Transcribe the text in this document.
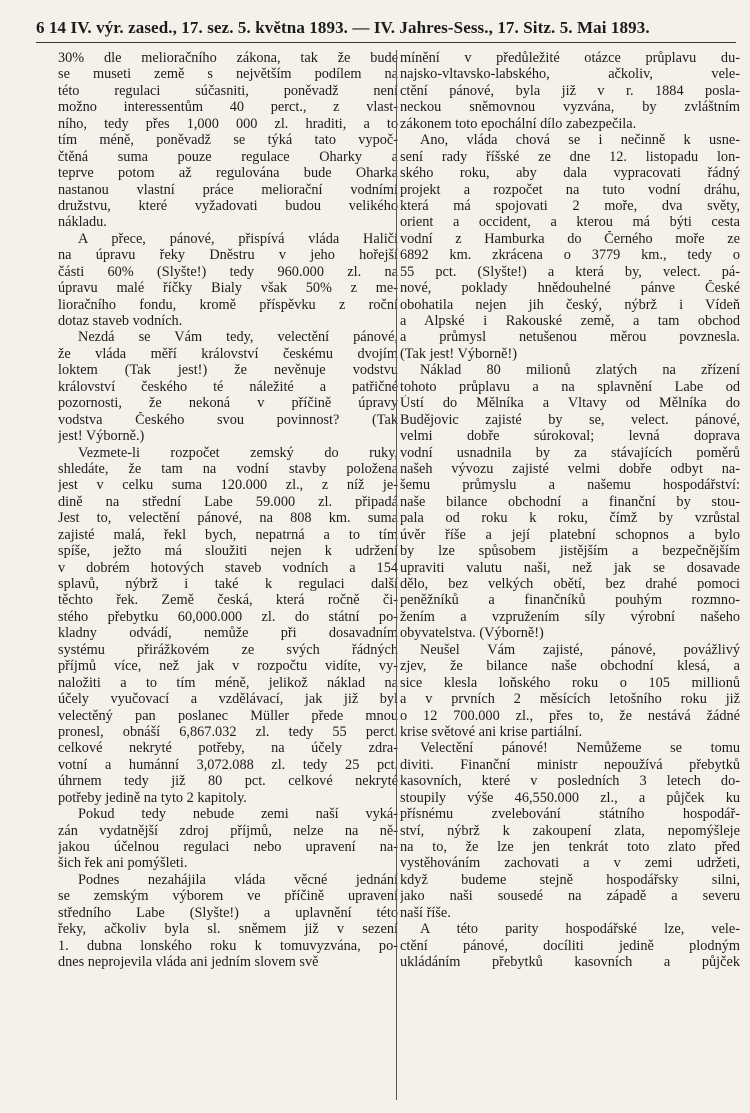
6 14 IV. výr. zased., 17. sez. 5. května 1893. — IV. Jahres-Sess., 17. Sitz. 5. Mai 1893.
30% dle melioračního zákona, tak že bude
se museti země s největším podílem na
této regulaci súčasniti, poněvadž není
možno interessentům 40 perct., z vlast-
ního, tedy přes 1,000 000 zl. hraditi, a to
tím méně, poněvadž se týká tato vypoč-
čtěná suma pouze regulace Oharky a
teprve potom až regulována bude Oharka
nastanou vlastní práce meliorační vodními
družstvu, které vyžadovati budou velikého
nákladu.
A přece, pánové, přispívá vláda Haliči
na úpravu řeky Dněstru v jeho hořejší
části 60% (Slyšte!) tedy 960.000 zl. na
úpravu malé říčky Bialy však 50% z me-
lioračního fondu, kromě příspěvku z roční
dotaz staveb vodních.
Nezdá se Vám tedy, velectění pánové,
že vláda měří království českému dvojím
loktem (Tak jest!) že nevěnuje vodstvu
království českého té náležité a patřičné
pozornosti, že nekoná v příčině úpravy
vodstva Českého svou povinnost? (Tak
jest! Výborně.)
Vezmete-li rozpočet zemský do ruky,
shledáte, že tam na vodní stavby položena
jest v celku suma 120.000 zl., z níž je-
dině na střední Labe 59.000 zl. připadá
Jest to, velectění pánové, na 808 km. suma
zajisté malá, řekl bych, nepatrná a to tím
spíše, ježto má sloužiti nejen k udržení
v dobrém hotových staveb vodních a 154
splavů, nýbrž i také k regulaci další
těchto řek. Země česká, která ročně či-
stého přebytku 60,000.000 zl. do státní po-
kladny odvádí, nemůže při dosavadním
systému přirážkovém ze svých řádných
příjmů více, než jak v rozpočtu vidíte, vy-
naložiti a to tím méně, jelikož náklad na
účely vyučovací a vzdělávací, jak již byl
velectěný pan poslanec Müller přede mnou
pronesl, obnáší 6,867.032 zl. tedy 55 perct.
celkové nekryté potřeby, na účely zdra-
votní a humánní 3,072.088 zl. tedy 25 pct.
úhrnem tedy již 80 pct. celkové nekryté
potřeby jedině na tyto 2 kapitoly.
Pokud tedy nebude zemi naší vyká-
zán vydatnější zdroj příjmů, nelze na ně-
jakou účelnou regulaci nebo upravení na-
šich řek ani pomýšleti.
Podnes nezahájila vláda věcné jednání
se zemským výborem ve příčině upravení
středního Labe (Slyšte!) a uplavnění této
řeky, ačkoliv byla sl. sněmem již v sezení
1. dubna lonského roku k tomuvyzvána, po-
dnes neprojevila vláda ani jedním slovem svě
mínění v předůležité otázce průplavu du-
najsko-vltavsko-labského, ačkoliv, vele-
ctění pánové, byla již v r. 1884 posla-
neckou sněmovnou vyzvána, by zvláštním
zákonem toto epochální dílo zabezpečila.
Ano, vláda chová se i nečinně k usne-
sení rady říšské ze dne 12. listopadu lon-
ského roku, aby dala vypracovati řádný
projekt a rozpočet na tuto vodní dráhu,
která má spojovati 2 moře, dva světy,
orient a occident, a kterou má býti cesta
vodní z Hamburka do Černého moře ze
6892 km. zkrácena o 3779 km., tedy o
55 pct. (Slyšte!) a která by, velect. pá-
nové, poklady hnědouhelné pánve České
obohatila nejen jih český, nýbrž i Vídeň
a Alpské i Rakouské země, a tam obchod
a průmysl netušenou měrou povznesla.
(Tak jest! Výborně!)
Náklad 80 milionů zlatých na zřízení
tohoto průplavu a na splavnění Labe od
Ústí do Mělníka a Vltavy od Mělníka do
Budějovic zajisté by se, velect. pánové,
velmi dobře súrokoval; levná doprava
vodní usnadnila by za stávajících poměrů
našeh vývozu zajisté velmi dobře odbyt na-
šemu průmyslu a našemu hospodářství:
naše bilance obchodní a finanční by stou-
pala od roku k roku, čímž by vzrůstal
úvěr říše a její platební schopnos a bylo
by lze spůsobem jistějším a bezpečnějším
upraviti valutu naši, než jak se dosavade
dělo, bez velkých obětí, bez drahé pomoci
peněžníků a finančníků pouhým rozmno-
žením a vzpružením síly výrobní našeho
obyvatelstva. (Výborně!)
Neušel Vám zajisté, pánové, povážlivý
zjev, že bilance naše obchodní klesá, a
sice klesla loňského roku o 105 millionů
a v prvních 2 měsících letošního roku již
o 12 700.000 zl., přes to, že nestává žádné
krise světové ani krise partiální.
Velectění pánové! Nemůžeme se tomu
diviti. Finanční ministr nepoužívá přebytků
kasovních, které v posledních 3 letech do-
stoupily výše 46,550.000 zl., a půjček ku
přísnému zvelebování státního hospodář-
ství, nýbrž k zakoupení zlata, nepomýšleje
na to, že lze jen tenkrát toto zlato před
vystěhováním zachovati a v zemi udržeti,
když budeme stejně hospodářsky silni,
jako naši sousedé na západě a severu
naší říše.
A této parity hospodářské lze, vele-
ctění pánové, docíliti jedině plodným
ukládáním přebytků kasovních a půjček
